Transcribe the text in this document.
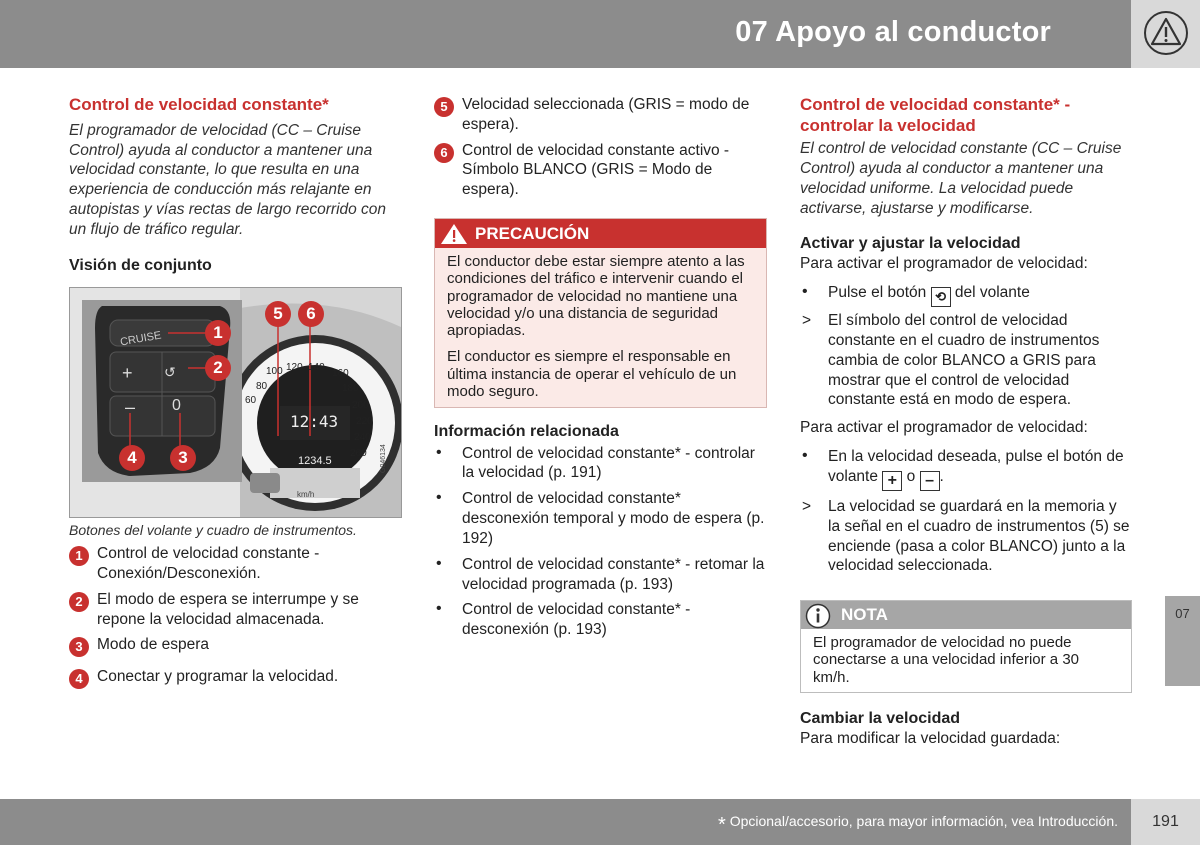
07 Apoyo al conductor
Control de velocidad constante*

El programador de velocidad (CC – Cruise Control) ayuda al conductor a mantener una velocidad constante, lo que resulta en una experiencia de conducción más relajante en autopistas y vías rectas de largo recorrido con un flujo de tráfico regular.

Visión de conjunto
CRUISE
+
– 0
↺
60
80
100 120 140
160
180
200
220
240
260
12:43
1234.5
km/h
G046134
1
2
3
4
5	6

Botones del volante y cuadro de instrumentos.

1 Control de velocidad constante - Conexión/Desconexión.
2 El modo de espera se interrumpe y se repone la velocidad almacenada.
3 Modo de espera
4 Conectar y programar la velocidad.
5 Velocidad seleccionada (GRIS = modo de espera).
6 Control de velocidad constante activo - Símbolo BLANCO (GRIS = Modo de espera).
PRECAUCIÓN

El conductor debe estar siempre atento a las condiciones del tráfico e intervenir cuando el programador de velocidad no mantiene una velocidad y/o una distancia de seguridad apropiadas.

El conductor es siempre el responsable en última instancia de operar el vehículo de un modo seguro.

Información relacionada
• Control de velocidad constante* - controlar la velocidad (p. 191)
• Control de velocidad constante* desconexión temporal y modo de espera (p. 192)
• Control de velocidad constante* - retomar la velocidad programada (p. 193)
• Control de velocidad constante* - desconexión (p. 193)
Control de velocidad constante* - controlar la velocidad

El control de velocidad constante (CC – Cruise Control) ayuda al conductor a mantener una velocidad uniforme. La velocidad puede activarse, ajustarse y modificarse.

Activar y ajustar la velocidad

Para activar el programador de velocidad:

• Pulse el botón ⟲ del volante
> El símbolo del control de velocidad constante en el cuadro de instrumentos cambia de color BLANCO a GRIS para mostrar que el control de velocidad constante está en modo de espera.

Para activar el programador de velocidad:

• En la velocidad deseada, pulse el botón de volante + o – .
> La velocidad se guardará en la memoria y la señal en el cuadro de instrumentos (5) se enciende (pasa a color BLANCO) junto a la velocidad seleccionada.
NOTA
El programador de velocidad no puede conectarse a una velocidad inferior a 30 km/h.
Cambiar la velocidad

Para modificar la velocidad guardada:

07
* Opcional/accesorio, para mayor información, vea Introducción.	191
